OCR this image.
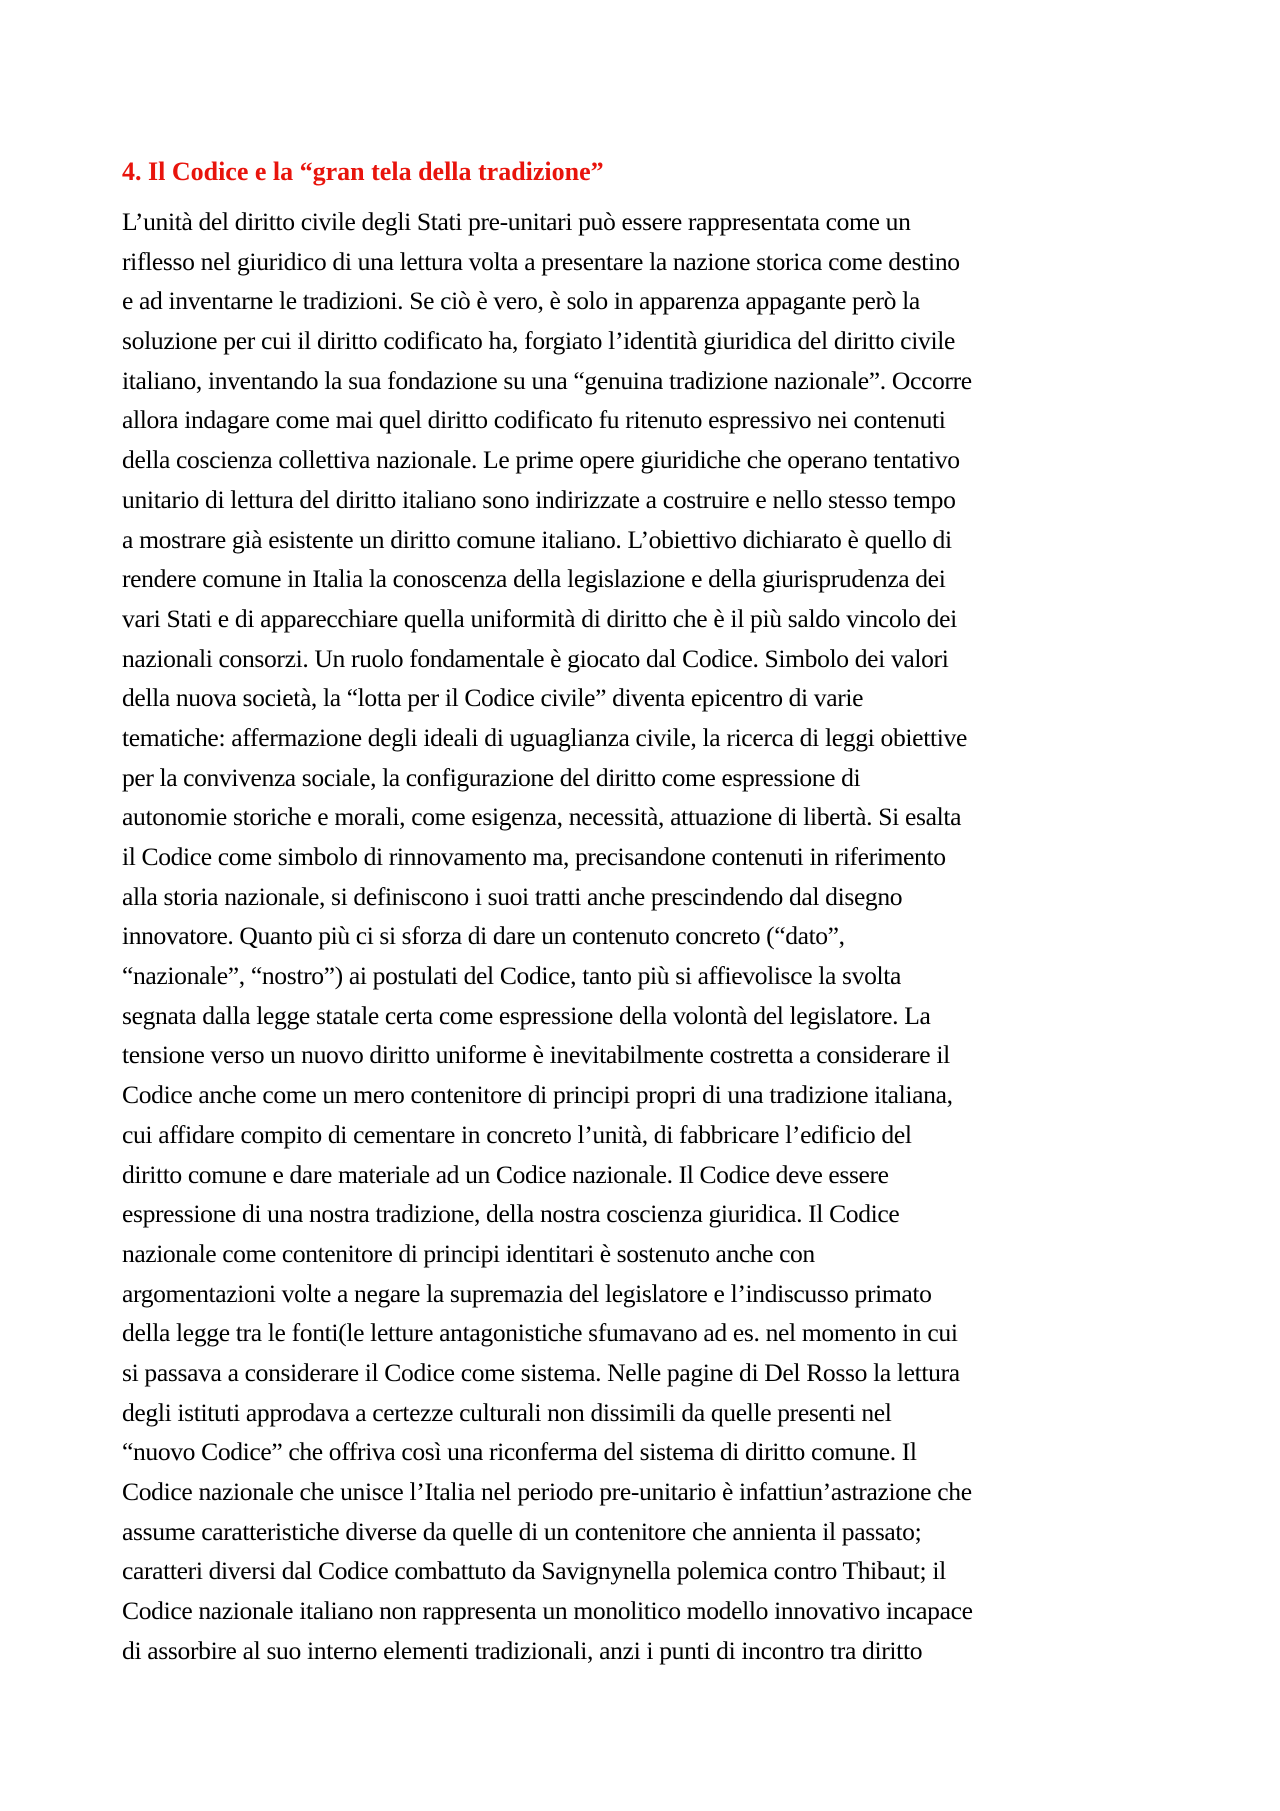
4. Il Codice e la “gran tela della tradizione”
L’unità del diritto civile degli Stati pre-unitari può essere rappresentata come un
riflesso nel giuridico di una lettura volta a presentare la nazione storica come destino
e ad inventarne le tradizioni. Se ciò è vero, è solo in apparenza appagante però la
soluzione per cui il diritto codificato ha, forgiato l’identità giuridica del diritto civile
italiano, inventando la sua fondazione su una “genuina tradizione nazionale”. Occorre
allora indagare come mai quel diritto codificato fu ritenuto espressivo nei contenuti
della coscienza collettiva nazionale. Le prime opere giuridiche che operano tentativo
unitario di lettura del diritto italiano sono indirizzate a costruire e nello stesso tempo
a mostrare già esistente un diritto comune italiano. L’obiettivo dichiarato è quello di
rendere comune in Italia la conoscenza della legislazione e della giurisprudenza dei
vari Stati e di apparecchiare quella uniformità di diritto che è il più saldo vincolo dei
nazionali consorzi. Un ruolo fondamentale è giocato dal Codice. Simbolo dei valori
della nuova società, la “lotta per il Codice civile” diventa epicentro di varie
tematiche: affermazione degli ideali di uguaglianza civile, la ricerca di leggi obiettive
per la convivenza sociale, la configurazione del diritto come espressione di
autonomie storiche e morali, come esigenza, necessità, attuazione di libertà. Si esalta
il Codice come simbolo di rinnovamento ma, precisandone contenuti in riferimento
alla storia nazionale, si definiscono i suoi tratti anche prescindendo dal disegno
innovatore. Quanto più ci si sforza di dare un contenuto concreto (“dato”,
“nazionale”, “nostro”) ai postulati del Codice, tanto più si affievolisce la svolta
segnata dalla legge statale certa come espressione della volontà del legislatore. La
tensione verso un nuovo diritto uniforme è inevitabilmente costretta a considerare il
Codice anche come un mero contenitore di principi propri di una tradizione italiana,
cui affidare compito di cementare in concreto l’unità, di fabbricare l’edificio del
diritto comune e dare materiale ad un Codice nazionale. Il Codice deve essere
espressione di una nostra tradizione, della nostra coscienza giuridica. Il Codice
nazionale come contenitore di principi identitari è sostenuto anche con
argomentazioni volte a negare la supremazia del legislatore e l’indiscusso primato
della legge tra le fonti(le letture antagonistiche sfumavano ad es. nel momento in cui
si passava a considerare il Codice come sistema. Nelle pagine di Del Rosso la lettura
degli istituti approdava a certezze culturali non dissimili da quelle presenti nel
“nuovo Codice” che offriva così una riconferma del sistema di diritto comune. Il
Codice nazionale che unisce l’Italia nel periodo pre-unitario è infattiun’astrazione che
assume caratteristiche diverse da quelle di un contenitore che annienta il passato;
caratteri diversi dal Codice combattuto da Savignynella polemica contro Thibaut; il
Codice nazionale italiano non rappresenta un monolitico modello innovativo incapace
di assorbire al suo interno elementi tradizionali, anzi i punti di incontro tra diritto
